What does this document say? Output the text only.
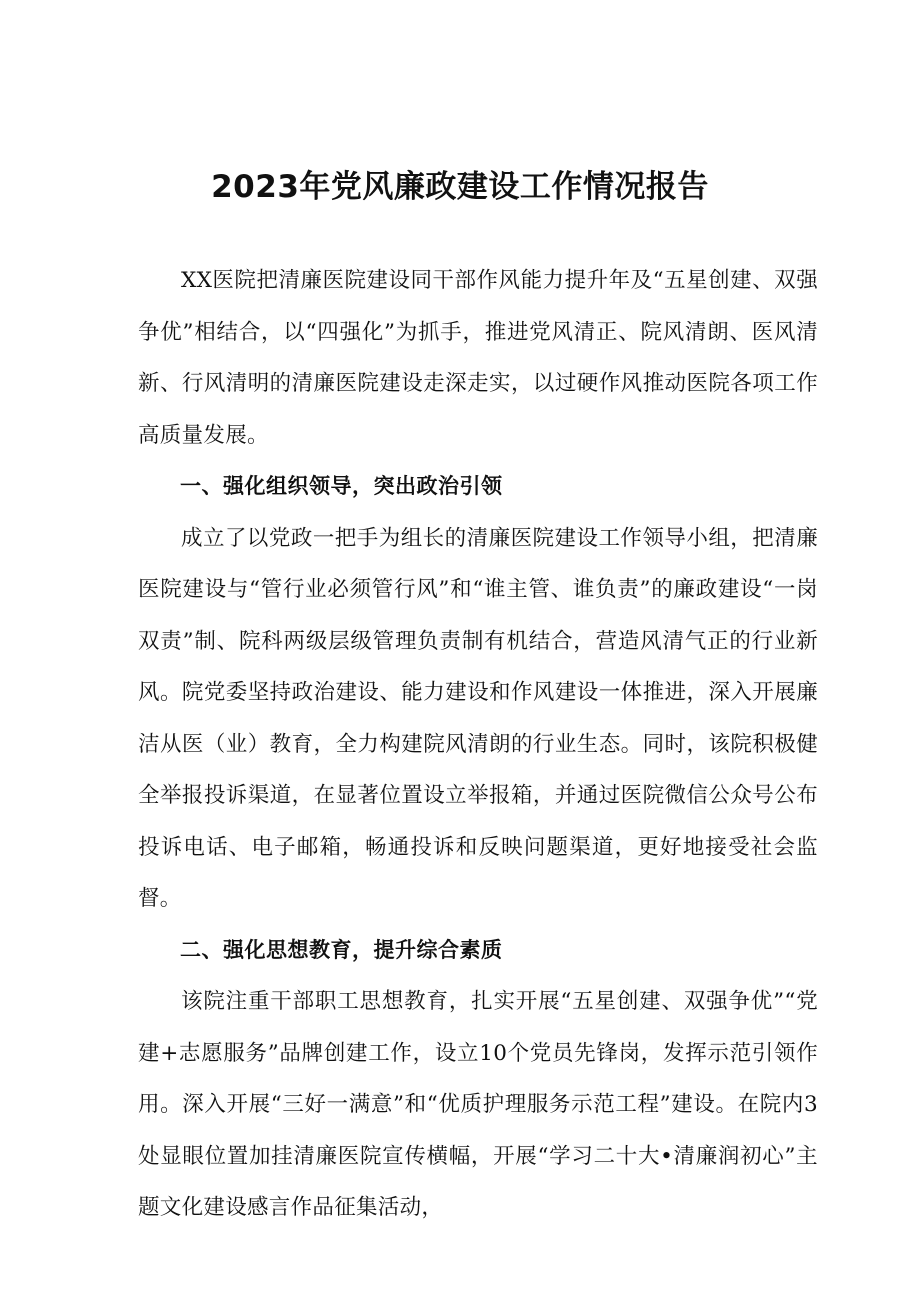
2023年党风廉政建设工作情况报告

XX医院把清廉医院建设同干部作风能力提升年及“五星创建、双强争优”相结合，以“四强化”为抓手，推进党风清正、院风清朗、医风清新、行风清明的清廉医院建设走深走实，以过硬作风推动医院各项工作高质量发展。

一、强化组织领导，突出政治引领

成立了以党政一把手为组长的清廉医院建设工作领导小组，把清廉医院建设与“管行业必须管行风”和“谁主管、谁负责”的廉政建设“一岗双责”制、院科两级层级管理负责制有机结合，营造风清气正的行业新风。院党委坚持政治建设、能力建设和作风建设一体推进，深入开展廉洁从医（业）教育，全力构建院风清朗的行业生态。同时，该院积极健全举报投诉渠道，在显著位置设立举报箱，并通过医院微信公众号公布投诉电话、电子邮箱，畅通投诉和反映问题渠道，更好地接受社会监督。

二、强化思想教育，提升综合素质

该院注重干部职工思想教育，扎实开展“五星创建、双强争优”“党建+志愿服务”品牌创建工作，设立10个党员先锋岗，发挥示范引领作用。深入开展“三好一满意”和“优质护理服务示范工程”建设。在院内3处显眼位置加挂清廉医院宣传横幅，开展“学习二十大•清廉润初心”主题文化建设感言作品征集活动，
